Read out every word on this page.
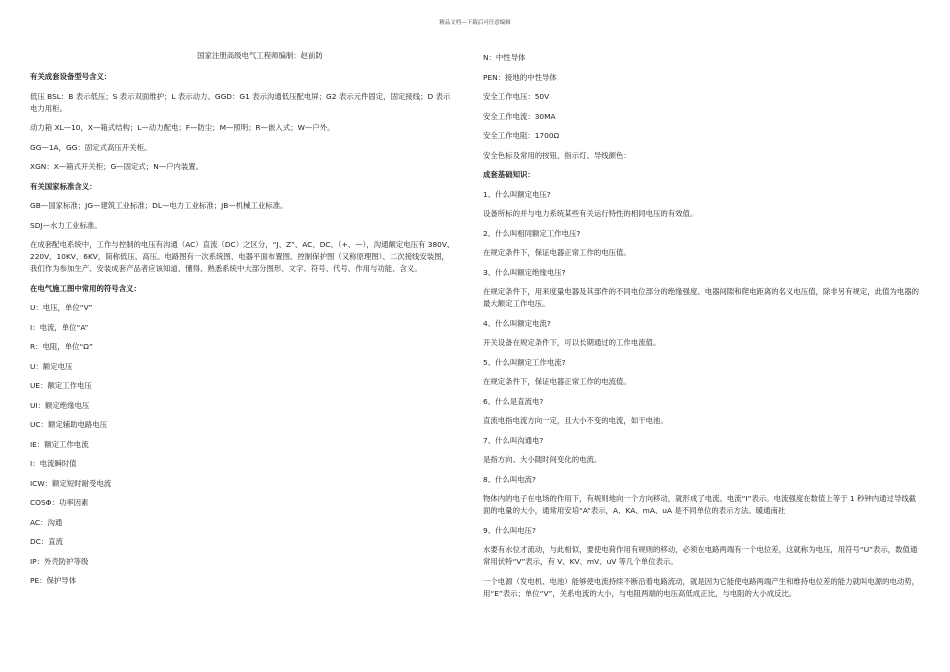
精品文档---下载后可任意编辑
国家注册高级电气工程师编制：赵前防
有关成套设备型号含义：
低压 BSL：B 表示低压；S 表示双面维护；L 表示动力。GGD：G1 表示沟通低压配电屏；G2 表示元件固定，固定接线；D 表示电力用柜。
动力箱 XL—10，X—箱式结构；L—动力配电；F—防尘；M—照明；R—嵌入式；W—户外。
GG—1A，GG：固定式高压开关柜。
XGN：X—箱式开关柜；G—固定式；N—户内装置。
有关国家标准含义：
GB—国家标准；JG—建筑工业标准；DL—电力工业标准；JB—机械工业标准。
SDJ—水力工业标准。
在成套配电系统中，工作与控制的电压有沟通（AC）直流（DC）之区分，“J、Z”、AC、DC、（+、—），沟通额定电压有 380V、220V、10KV、6KV，简称低压、高压。电路图有一次系统图、电器平面布置图、控制保护图（又称原理图）、二次接线安装图，我们作为参加生产、安装成套产品者应该知道、懂得、熟悉系统中大部分图形、文字、符号、代号、作用与功能、含义。
在电气施工图中常用的符号含义：
U：电压，单位“V”
I：电流，单位“A”
R：电阻，单位“Ω”
U：额定电压
UE：额定工作电压
UI：额定绝缘电压
UC：额定辅助电路电压
IE：额定工作电流
I：电流瞬时值
ICW：额定短时耐受电流
COSΦ：功率因素
AC：沟通
DC：直流
IP：外壳防护等级
PE：保护导体
N：中性导体
PEN：接地的中性导体
安全工作电压：50V
安全工作电流：30MA
安全工作电阻：1700Ω
安全色标及常用的按钮、指示灯、导线颜色：
成套基础知识：
1、什么叫额定电压?
设备所标的并与电力系统某些有关运行特性的相同电压的有效值。
2、什么叫相同额定工作电压?
在规定条件下，保证电器正常工作的电压值。
3、什么叫额定绝缘电压?
在规定条件下，用来度量电器及其部件的不同电位部分的绝缘强度、电器间隙和爬电距离的名义电压值，除非另有规定，此值为电器的最大额定工作电压。
4、什么叫额定电流?
开关设备在规定条件下，可以长期通过的工作电流值。
5、什么叫额定工作电流?
在规定条件下，保证电器正常工作的电流值。
6、什么是直流电?
直流电指电流方向一定，且大小不变的电流，如干电池。
7、什么叫沟通电?
是指方向、大小随时间变化的电流。
8、什么叫电流?
物体内的电子在电场的作用下，有规则地向一个方向移动，就形成了电流。电流“I”表示。电流强度在数值上等于 1 秒钟内通过导线截面的电量的大小，通常用安培“A”表示，A、KA、mA、uA 是不同单位的表示方法。暖通南社
9、什么叫电压?
水要有水位才流动，与此相似，要使电荷作用有规则的移动，必须在电路两端有一个电位差，这就称为电压，用符号“U”表示，数值通常用伏特“V”表示，有 V、KV、mV、uV 等几个单位表示。
一个电源（发电机、电池）能够使电流持续不断沿着电路流动，就是因为它能使电路两端产生和维持电位差的能力就叫电源的电动势，用“E”表示；单位“V”，关系电流的大小，与电阻两端的电压高低成正比，与电阻的大小成反比。
